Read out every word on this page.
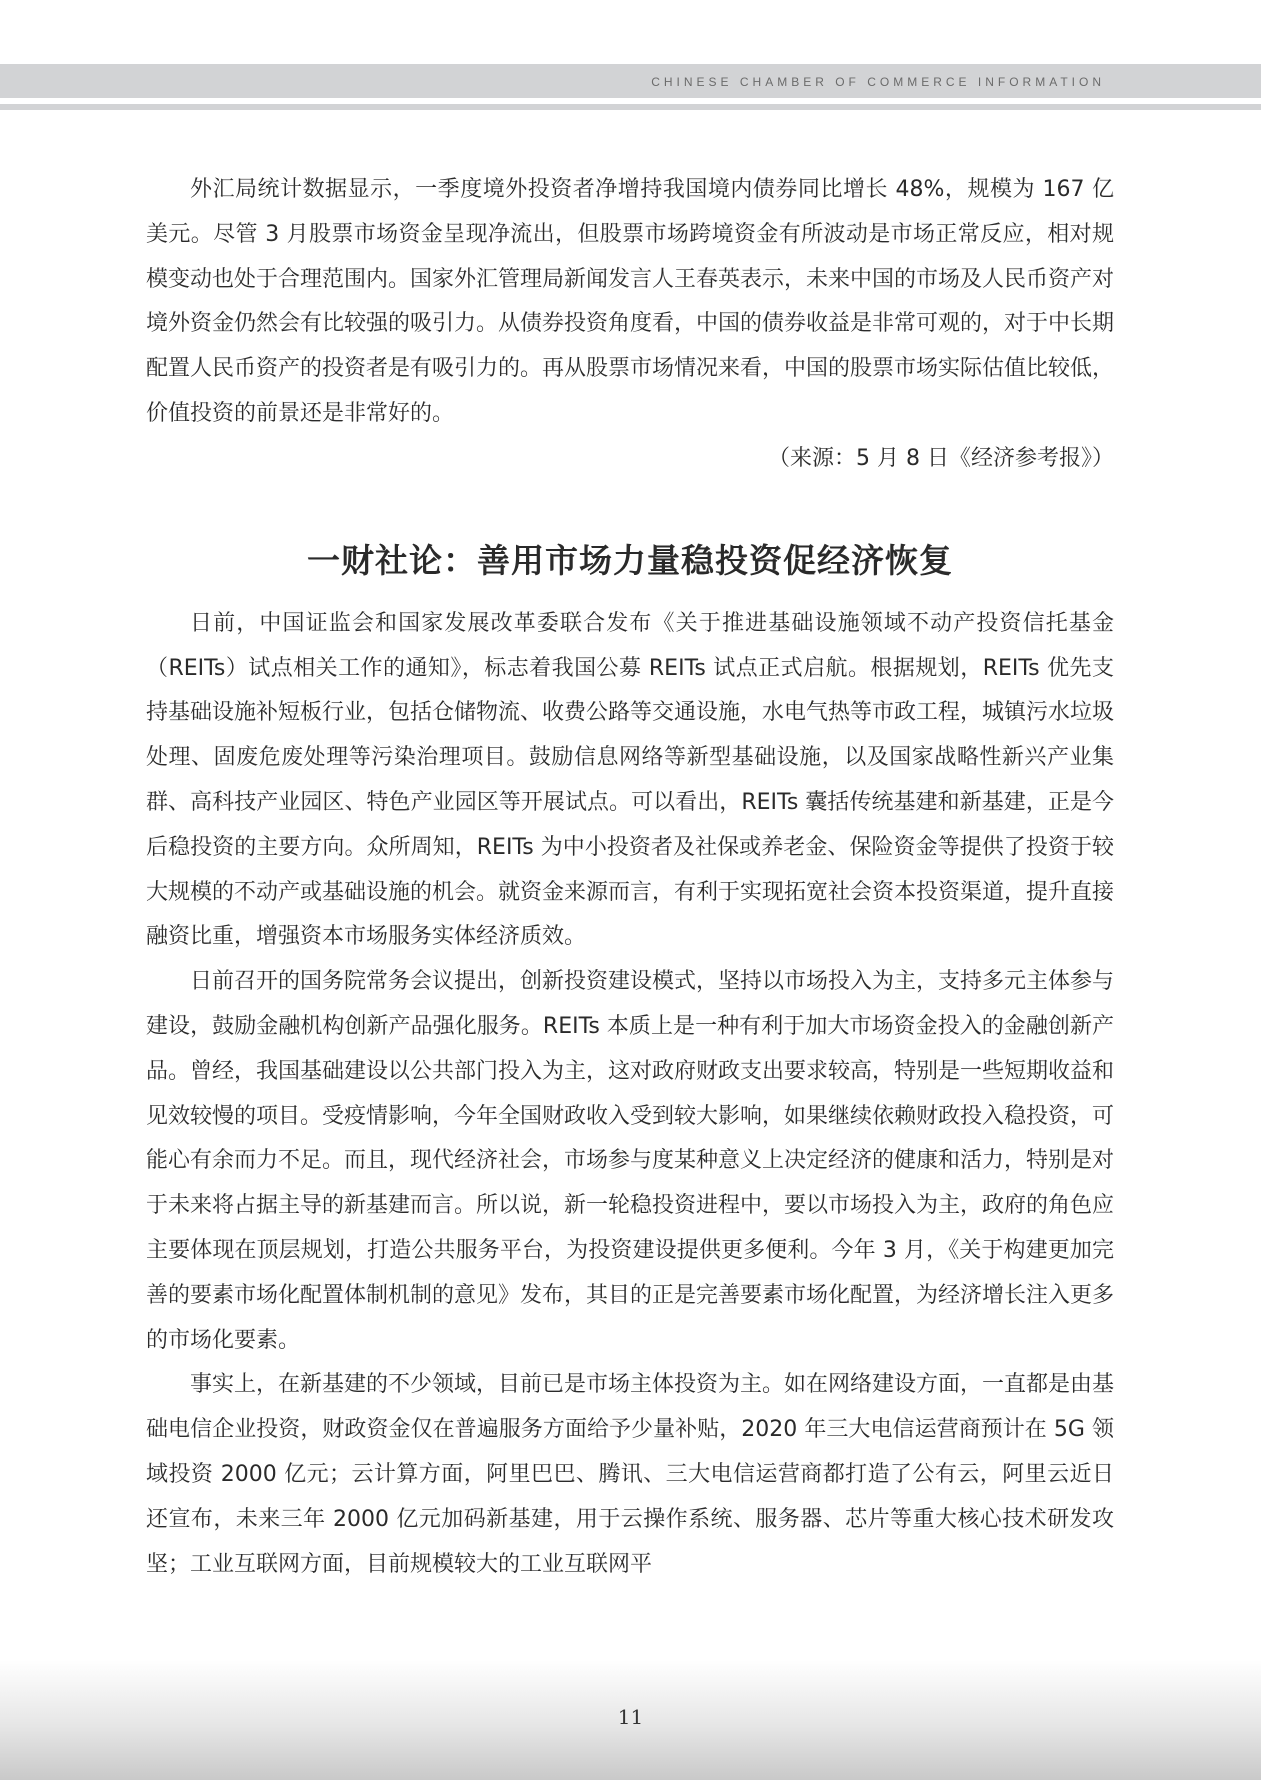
CHINESE CHAMBER OF COMMERCE INFORMATION

外汇局统计数据显示，一季度境外投资者净增持我国境内债券同比增长 48%，规模为 167 亿美元。尽管 3 月股票市场资金呈现净流出，但股票市场跨境资金有所波动是市场正常反应，相对规模变动也处于合理范围内。国家外汇管理局新闻发言人王春英表示，未来中国的市场及人民币资产对境外资金仍然会有比较强的吸引力。从债券投资角度看，中国的债券收益是非常可观的，对于中长期配置人民币资产的投资者是有吸引力的。再从股票市场情况来看，中国的股票市场实际估值比较低，价值投资的前景还是非常好的。

（来源：5 月 8 日《经济参考报》）

一财社论：善用市场力量稳投资促经济恢复

日前，中国证监会和国家发展改革委联合发布《关于推进基础设施领域不动产投资信托基金（REITs）试点相关工作的通知》，标志着我国公募 REITs 试点正式启航。根据规划，REITs 优先支持基础设施补短板行业，包括仓储物流、收费公路等交通设施，水电气热等市政工程，城镇污水垃圾处理、固废危废处理等污染治理项目。鼓励信息网络等新型基础设施，以及国家战略性新兴产业集群、高科技产业园区、特色产业园区等开展试点。可以看出，REITs 囊括传统基建和新基建，正是今后稳投资的主要方向。众所周知，REITs 为中小投资者及社保或养老金、保险资金等提供了投资于较大规模的不动产或基础设施的机会。就资金来源而言，有利于实现拓宽社会资本投资渠道，提升直接融资比重，增强资本市场服务实体经济质效。

日前召开的国务院常务会议提出，创新投资建设模式，坚持以市场投入为主，支持多元主体参与建设，鼓励金融机构创新产品强化服务。REITs 本质上是一种有利于加大市场资金投入的金融创新产品。曾经，我国基础建设以公共部门投入为主，这对政府财政支出要求较高，特别是一些短期收益和见效较慢的项目。受疫情影响，今年全国财政收入受到较大影响，如果继续依赖财政投入稳投资，可能心有余而力不足。而且，现代经济社会，市场参与度某种意义上决定经济的健康和活力，特别是对于未来将占据主导的新基建而言。所以说，新一轮稳投资进程中，要以市场投入为主，政府的角色应主要体现在顶层规划，打造公共服务平台，为投资建设提供更多便利。今年 3 月，《关于构建更加完善的要素市场化配置体制机制的意见》发布，其目的正是完善要素市场化配置，为经济增长注入更多的市场化要素。

事实上，在新基建的不少领域，目前已是市场主体投资为主。如在网络建设方面，一直都是由基础电信企业投资，财政资金仅在普遍服务方面给予少量补贴，2020 年三大电信运营商预计在 5G 领域投资 2000 亿元；云计算方面，阿里巴巴、腾讯、三大电信运营商都打造了公有云，阿里云近日还宣布，未来三年 2000 亿元加码新基建，用于云操作系统、服务器、芯片等重大核心技术研发攻坚；工业互联网方面，目前规模较大的工业互联网平

11
